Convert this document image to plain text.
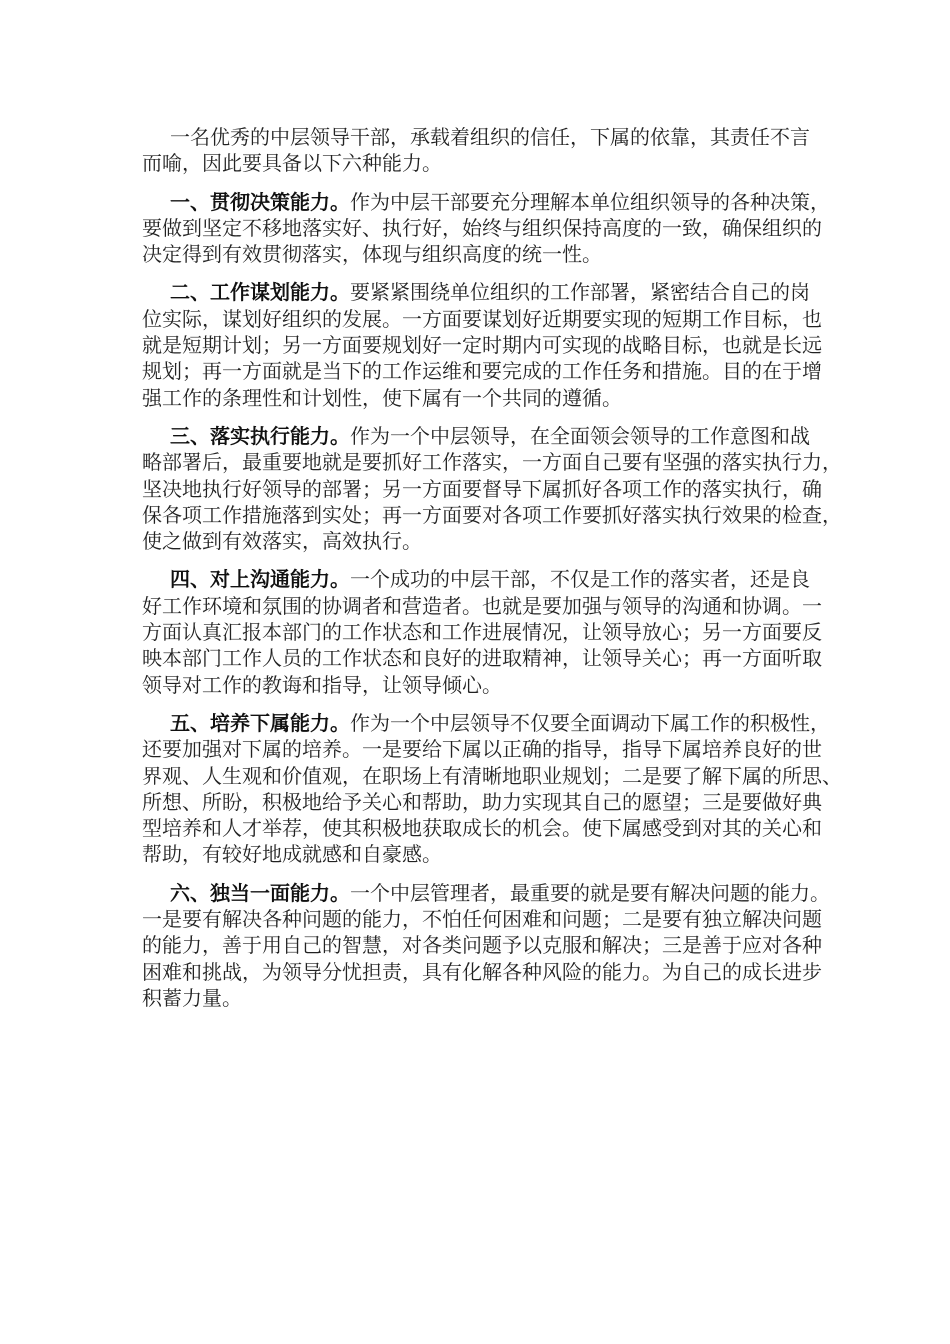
一名优秀的中层领导干部，承载着组织的信任，下属的依靠，其责任不言
而喻，因此要具备以下六种能力。
一、贯彻决策能力。作为中层干部要充分理解本单位组织领导的各种决策，
要做到坚定不移地落实好、执行好，始终与组织保持高度的一致，确保组织的
决定得到有效贯彻落实，体现与组织高度的统一性。
二、工作谋划能力。要紧紧围绕单位组织的工作部署，紧密结合自己的岗
位实际，谋划好组织的发展。一方面要谋划好近期要实现的短期工作目标，也
就是短期计划；另一方面要规划好一定时期内可实现的战略目标，也就是长远
规划；再一方面就是当下的工作运维和要完成的工作任务和措施。目的在于增
强工作的条理性和计划性，使下属有一个共同的遵循。
三、落实执行能力。作为一个中层领导，在全面领会领导的工作意图和战
略部署后，最重要地就是要抓好工作落实，一方面自己要有坚强的落实执行力，
坚决地执行好领导的部署；另一方面要督导下属抓好各项工作的落实执行，确
保各项工作措施落到实处；再一方面要对各项工作要抓好落实执行效果的检查，
使之做到有效落实，高效执行。
四、对上沟通能力。一个成功的中层干部，不仅是工作的落实者，还是良
好工作环境和氛围的协调者和营造者。也就是要加强与领导的沟通和协调。一
方面认真汇报本部门的工作状态和工作进展情况，让领导放心；另一方面要反
映本部门工作人员的工作状态和良好的进取精神，让领导关心；再一方面听取
领导对工作的教诲和指导，让领导倾心。
五、培养下属能力。作为一个中层领导不仅要全面调动下属工作的积极性，
还要加强对下属的培养。一是要给下属以正确的指导，指导下属培养良好的世
界观、人生观和价值观，在职场上有清晰地职业规划；二是要了解下属的所思、
所想、所盼，积极地给予关心和帮助，助力实现其自己的愿望；三是要做好典
型培养和人才举荐，使其积极地获取成长的机会。使下属感受到对其的关心和
帮助，有较好地成就感和自豪感。
六、独当一面能力。一个中层管理者，最重要的就是要有解决问题的能力。
一是要有解决各种问题的能力，不怕任何困难和问题；二是要有独立解决问题
的能力，善于用自己的智慧，对各类问题予以克服和解决；三是善于应对各种
困难和挑战，为领导分忧担责，具有化解各种风险的能力。为自己的成长进步
积蓄力量。
